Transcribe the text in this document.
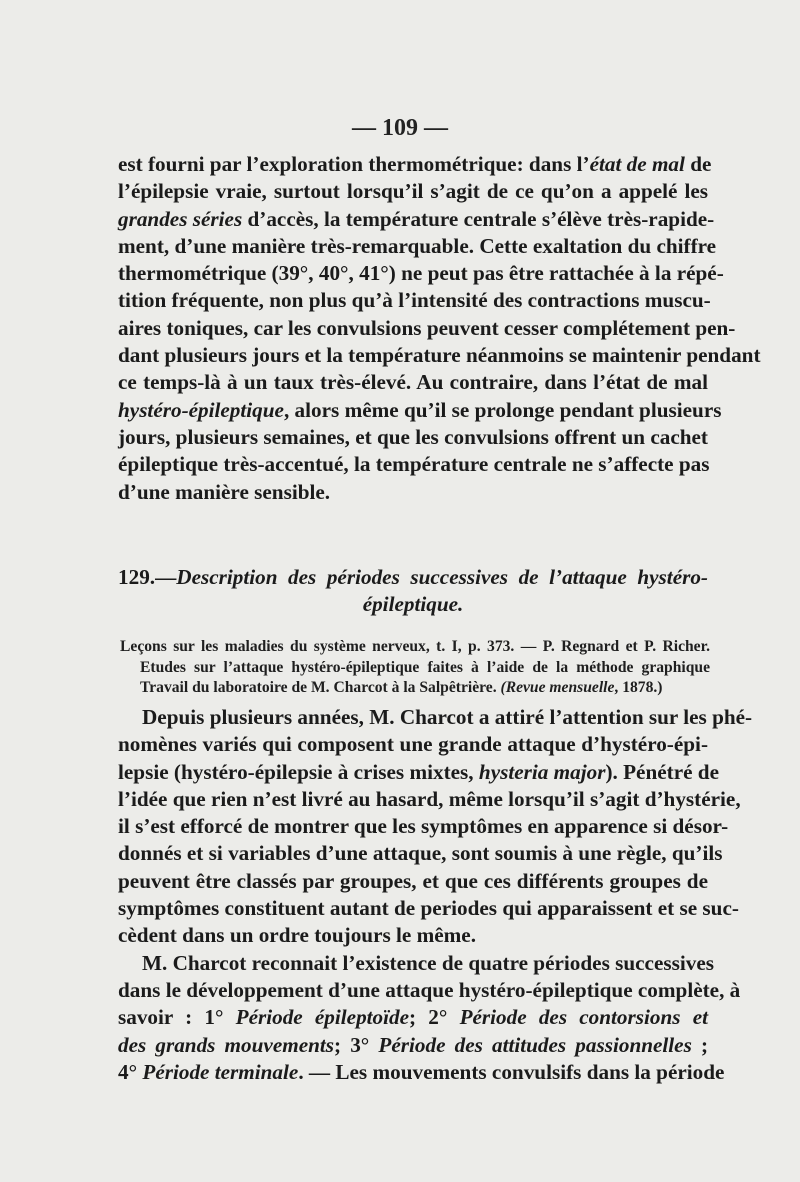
— 109 —
est fourni par l’exploration thermométrique: dans l’état de mal de
l’épilepsie vraie, surtout lorsqu’il s’agit de ce qu’on a appelé les
grandes séries d’accès, la température centrale s’élève très-rapide-
ment, d’une manière très-remarquable. Cette exaltation du chiffre
thermométrique (39°, 40°, 41°) ne peut pas être rattachée à la répé-
tition fréquente, non plus qu’à l’intensité des contractions muscu-
aires toniques, car les convulsions peuvent cesser complétement pen-
dant plusieurs jours et la température néanmoins se maintenir pendant
ce temps-là à un taux très-élevé. Au contraire, dans l’état de mal
hystéro-épileptique, alors même qu’il se prolonge pendant plusieurs
jours, plusieurs semaines, et que les convulsions offrent un cachet
épileptique très-accentué, la température centrale ne s’affecte pas
d’une manière sensible.
129.—Description des périodes successives de l’attaque hystéro-
épileptique.
Leçons sur les maladies du système nerveux, t. I, p. 373. — P. Regnard et P. Richer.
Etudes sur l’attaque hystéro-épileptique faites à l’aide de la méthode graphique
Travail du laboratoire de M. Charcot à la Salpêtrière. (Revue mensuelle, 1878.)
Depuis plusieurs années, M. Charcot a attiré l’attention sur les phé-
nomènes variés qui composent une grande attaque d’hystéro-épi-
lepsie (hystéro-épilepsie à crises mixtes, hysteria major). Pénétré de
l’idée que rien n’est livré au hasard, même lorsqu’il s’agit d’hystérie,
il s’est efforcé de montrer que les symptômes en apparence si désor-
donnés et si variables d’une attaque, sont soumis à une règle, qu’ils
peuvent être classés par groupes, et que ces différents groupes de
symptômes constituent autant de periodes qui apparaissent et se suc-
cèdent dans un ordre toujours le même.
M. Charcot reconnait l’existence de quatre périodes successives
dans le développement d’une attaque hystéro-épileptique complète, à
savoir : 1° Période épileptoïde; 2° Période des contorsions et
des grands mouvements; 3° Période des attitudes passionnelles ;
4° Période terminale. — Les mouvements convulsifs dans la période
